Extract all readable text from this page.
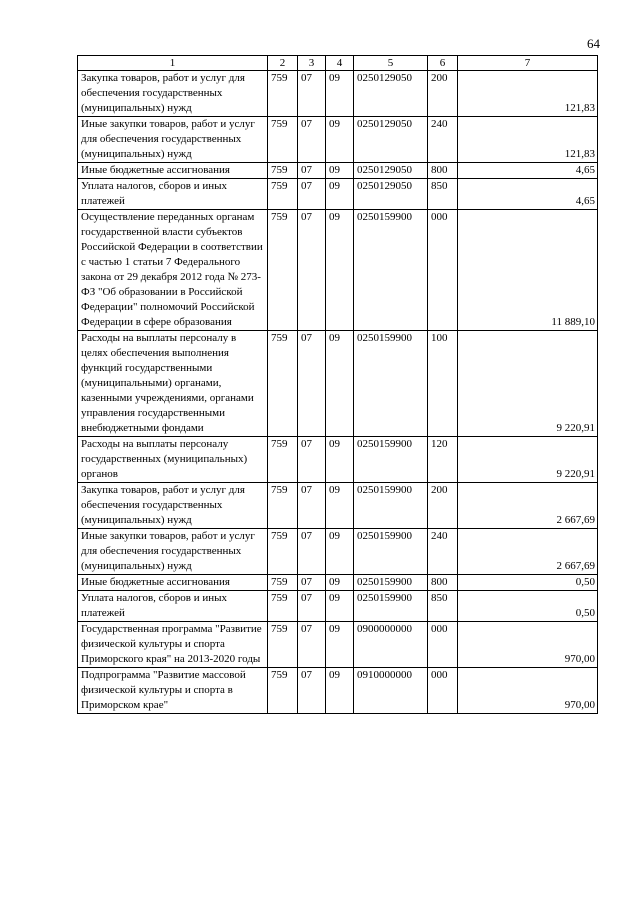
64
1	2	3	4	5	6	7
Закупка товаров, работ и услуг для обеспечения государственных (муниципальных) нужд	759	07	09	0250129050	200	121,83
Иные закупки товаров, работ и услуг для обеспечения государственных (муниципальных) нужд	759	07	09	0250129050	240	121,83
Иные бюджетные ассигнования	759	07	09	0250129050	800	4,65
Уплата налогов, сборов и иных платежей	759	07	09	0250129050	850	4,65
Осуществление переданных органам государственной власти субъектов Российской Федерации в соответствии с частью 1 статьи 7 Федерального закона от 29 декабря 2012 года № 273-ФЗ "Об образовании в Российской Федерации" полномочий Российской Федерации в сфере образования	759	07	09	0250159900	000	11 889,10
Расходы на выплаты персоналу в целях обеспечения выполнения функций государственными (муниципальными) органами, казенными учреждениями, органами управления государственными внебюджетными фондами	759	07	09	0250159900	100	9 220,91
Расходы на выплаты персоналу государственных (муниципальных) органов	759	07	09	0250159900	120	9 220,91
Закупка товаров, работ и услуг для обеспечения государственных (муниципальных) нужд	759	07	09	0250159900	200	2 667,69
Иные закупки товаров, работ и услуг для обеспечения государственных (муниципальных) нужд	759	07	09	0250159900	240	2 667,69
Иные бюджетные ассигнования	759	07	09	0250159900	800	0,50
Уплата налогов, сборов и иных платежей	759	07	09	0250159900	850	0,50
Государственная программа "Развитие физической культуры и спорта Приморского края" на 2013-2020 годы	759	07	09	0900000000	000	970,00
Подпрограмма "Развитие массовой физической культуры и спорта в Приморском крае"	759	07	09	0910000000	000	970,00
